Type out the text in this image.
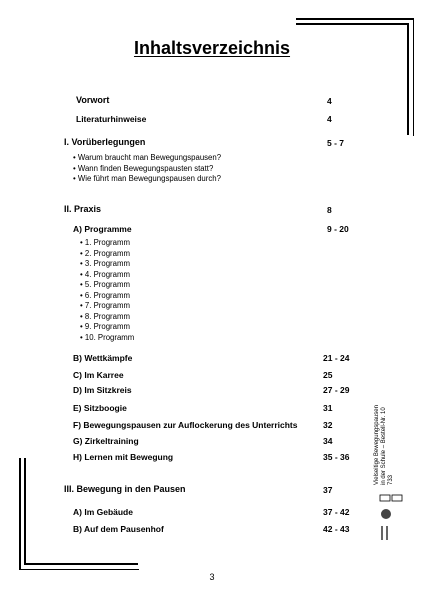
Inhaltsverzeichnis
Vorwort	4
Literaturhinweise	4
I. Vorüberlegungen	5 - 7
• Warum braucht man Bewegungspausen?
• Wann finden Bewegungspausten statt?
• Wie führt man Bewegungspausen durch?
II. Praxis	8
A) Programme	9 - 20
• 1. Programm
• 2. Programm
• 3. Programm
• 4. Programm
• 5. Programm
• 6. Programm
• 7. Programm
• 8. Programm
• 9. Programm
• 10. Programm
B) Wettkämpfe	21 - 24
C) Im Karree	25
D) Im Sitzkreis	27 - 29
E) Sitzboogie	31
F) Bewegungspausen zur Auflockerung des Unterrichts	32
G) Zirkeltraining	34
H) Lernen mit Bewegung	35 - 36
III. Bewegung in den Pausen	37
A) Im Gebäude	37 - 42
B) Auf dem Pausenhof	42 - 43
Vielseitige Bewegungspausen in der Schule – Bestell-Nr. 10 733
3
